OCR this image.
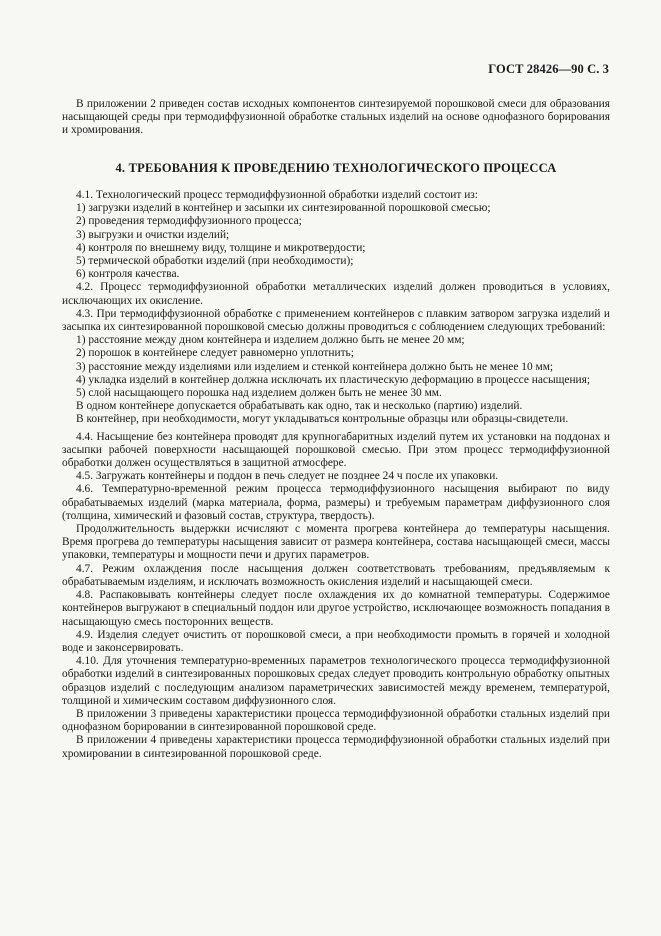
ГОСТ 28426—90 С. 3

В приложении 2 приведен состав исходных компонентов синтезируемой порошковой смеси для образования насыщающей среды при термодиффузионной обработке стальных изделий на основе однофазного борирования и хромирования.

4. ТРЕБОВАНИЯ К ПРОВЕДЕНИЮ ТЕХНОЛОГИЧЕСКОГО ПРОЦЕССА

4.1. Технологический процесс термодиффузионной обработки изделий состоит из:

1) загрузки изделий в контейнер и засыпки их синтезированной порошковой смесью;

2) проведения термодиффузионного процесса;

3) выгрузки и очистки изделий;

4) контроля по внешнему виду, толщине и микротвердости;

5) термической обработки изделий (при необходимости);

6) контроля качества.

4.2. Процесс термодиффузионной обработки металлических изделий должен проводиться в условиях, исключающих их окисление.

4.3. При термодиффузионной обработке с применением контейнеров с плавким затвором загрузка изделий и засыпка их синтезированной порошковой смесью должны проводиться с соблюдением следующих требований:

1) расстояние между дном контейнера и изделием должно быть не менее 20 мм;

2) порошок в контейнере следует равномерно уплотнить;

3) расстояние между изделиями или изделием и стенкой контейнера должно быть не менее 10 мм;

4) укладка изделий в контейнер должна исключать их пластическую деформацию в процессе насыщения;

5) слой насыщающего порошка над изделием должен быть не менее 30 мм.

В одном контейнере допускается обрабатывать как одно, так и несколько (партию) изделий.

В контейнер, при необходимости, могут укладываться контрольные образцы или образцы-свидетели.

4.4. Насыщение без контейнера проводят для крупногабаритных изделий путем их установки на поддонах и засыпки рабочей поверхности насыщающей порошковой смесью. При этом процесс термодиффузионной обработки должен осуществляться в защитной атмосфере.

4.5. Загружать контейнеры и поддон в печь следует не позднее 24 ч после их упаковки.

4.6. Температурно-временной режим процесса термодиффузионного насыщения выбирают по виду обрабатываемых изделий (марка материала, форма, размеры) и требуемым параметрам диффузионного слоя (толщина, химический и фазовый состав, структура, твердость).

Продолжительность выдержки исчисляют с момента прогрева контейнера до температуры насыщения. Время прогрева до температуры насыщения зависит от размера контейнера, состава насыщающей смеси, массы упаковки, температуры и мощности печи и других параметров.

4.7. Режим охлаждения после насыщения должен соответствовать требованиям, предъявляемым к обрабатываемым изделиям, и исключать возможность окисления изделий и насыщающей смеси.

4.8. Распаковывать контейнеры следует после охлаждения их до комнатной температуры. Содержимое контейнеров выгружают в специальный поддон или другое устройство, исключающее возможность попадания в насыщающую смесь посторонних веществ.

4.9. Изделия следует очистить от порошковой смеси, а при необходимости промыть в горячей и холодной воде и законсервировать.

4.10. Для уточнения температурно-временных параметров технологического процесса термодиффузионной обработки изделий в синтезированных порошковых средах следует проводить контрольную обработку опытных образцов изделий с последующим анализом параметрических зависимостей между временем, температурой, толщиной и химическим составом диффузионного слоя.

В приложении 3 приведены характеристики процесса термодиффузионной обработки стальных изделий при однофазном борировании в синтезированной порошковой среде.

В приложении 4 приведены характеристики процесса термодиффузионной обработки стальных изделий при хромировании в синтезированной порошковой среде.
